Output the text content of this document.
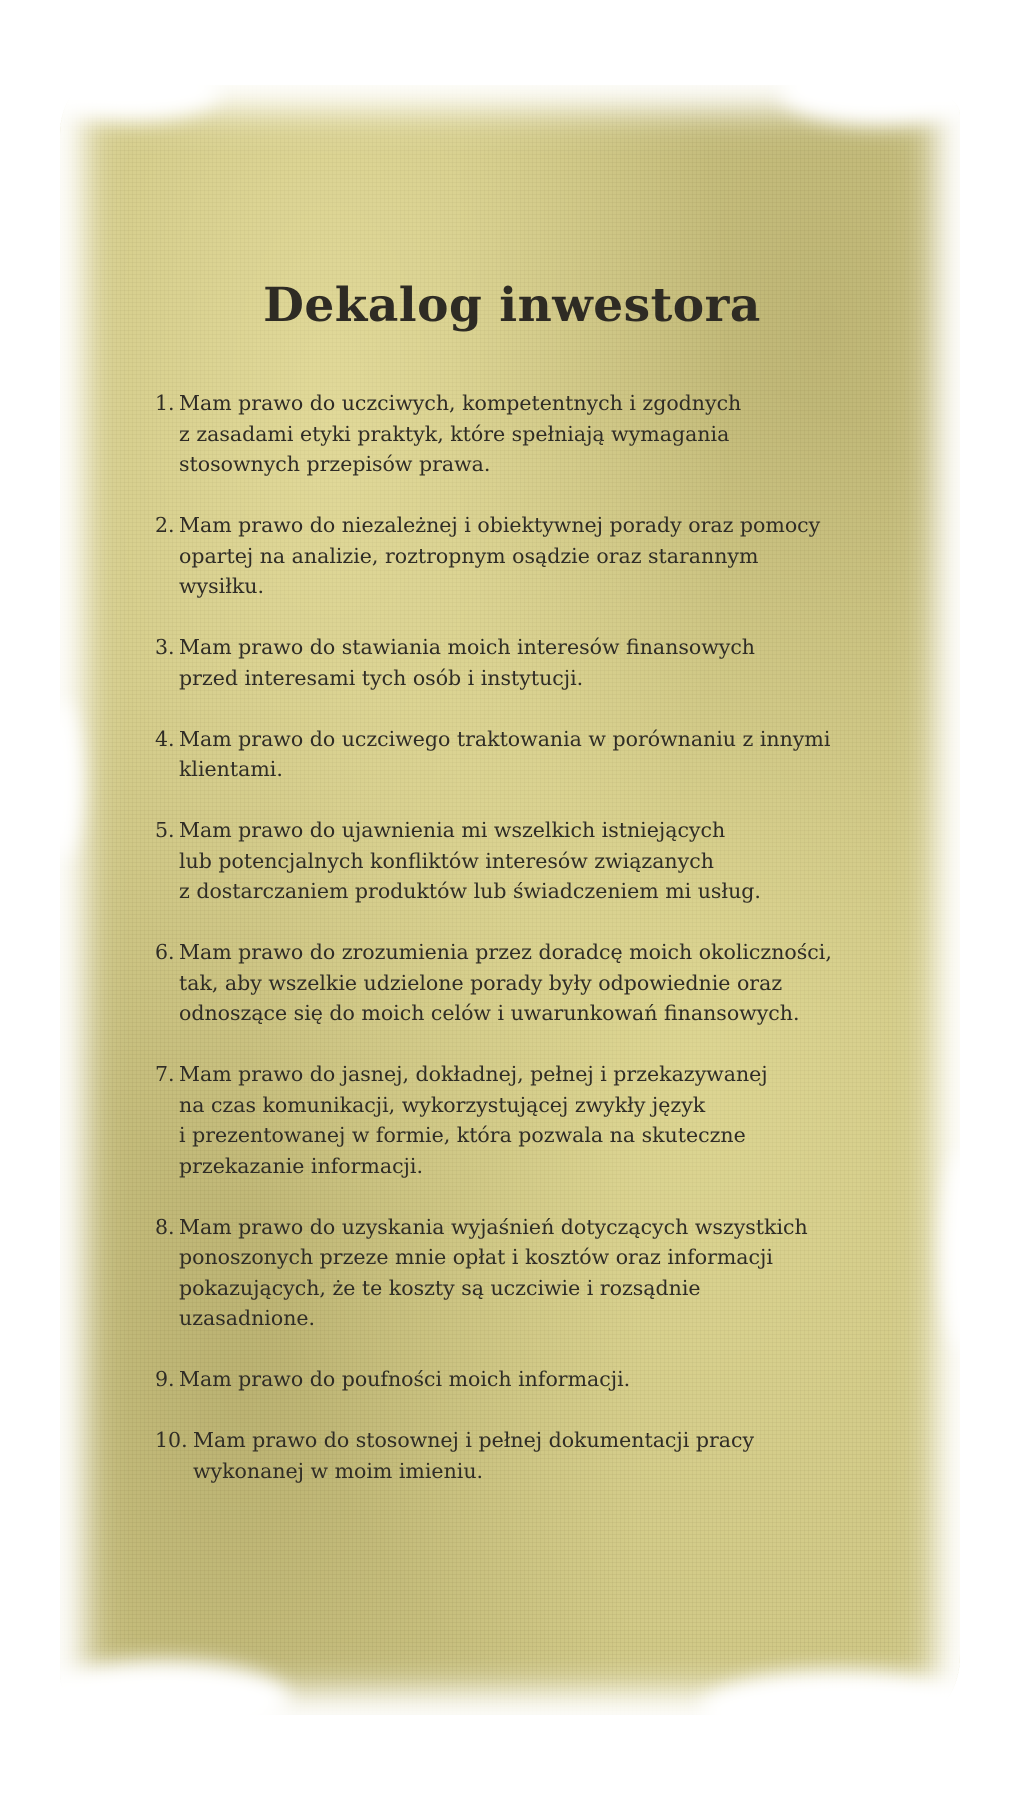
Dekalog inwestora
1. Mam prawo do uczciwych, kompetentnych i zgodnych
z zasadami etyki praktyk, które spełniają wymagania
stosownych przepisów prawa.
2. Mam prawo do niezależnej i obiektywnej porady oraz pomocy
opartej na analizie, roztropnym osądzie oraz starannym
wysiłku.
3. Mam prawo do stawiania moich interesów finansowych
przed interesami tych osób i instytucji.
4. Mam prawo do uczciwego traktowania w porównaniu z innymi
klientami.
5. Mam prawo do ujawnienia mi wszelkich istniejących
lub potencjalnych konfliktów interesów związanych
z dostarczaniem produktów lub świadczeniem mi usług.
6. Mam prawo do zrozumienia przez doradcę moich okoliczności,
tak, aby wszelkie udzielone porady były odpowiednie oraz
odnoszące się do moich celów i uwarunkowań finansowych.
7. Mam prawo do jasnej, dokładnej, pełnej i przekazywanej
na czas komunikacji, wykorzystującej zwykły język
i prezentowanej w formie, która pozwala na skuteczne
przekazanie informacji.
8. Mam prawo do uzyskania wyjaśnień dotyczących wszystkich
ponoszonych przeze mnie opłat i kosztów oraz informacji
pokazujących, że te koszty są uczciwie i rozsądnie
uzasadnione.
9. Mam prawo do poufności moich informacji.
10. Mam prawo do stosownej i pełnej dokumentacji pracy
wykonanej w moim imieniu.
